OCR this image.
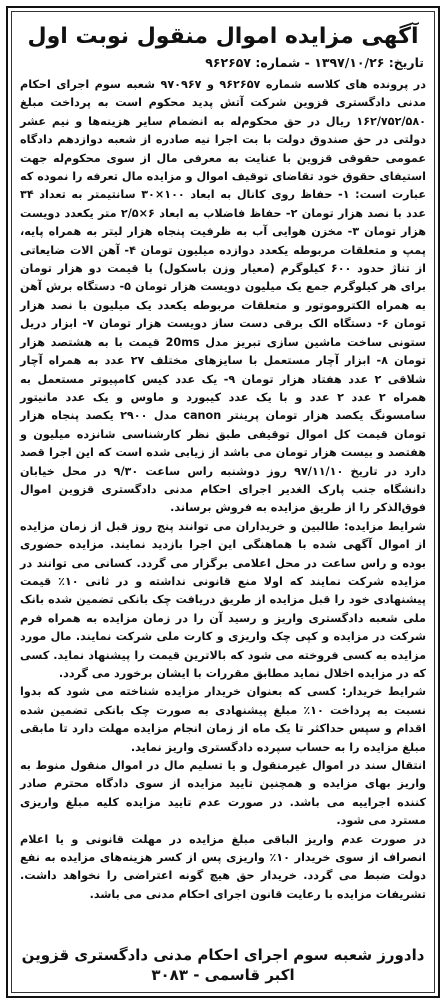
آگهی مزایده اموال منقول نوبت اول
تاریخ: ۱۳۹۷/۱۰/۲۶ - شماره: ۹۶۲۶۵۷

در پرونده های کلاسه شماره ۹۶۲۶۵۷ و ۹۷۰۹۶۷ شعبه سوم اجرای احکام مدنی دادگستری قزوین شرکت آتش پدید محکوم است به پرداخت مبلغ ۱۶۲/۷۵۲/۵۸۰ ریال در حق محکوم‌له به انضمام سایر هزینه‌ها و نیم عشر دولتی در حق صندوق دولت با بت اجرا نیه صادره از شعبه دوازدهم دادگاه عمومی حقوقی قزوین با عنایت به معرفی مال از سوی محکوم‌له جهت استیفای حقوق خود تقاضای توقیف اموال و مزایده مال تعرفه را نموده که عبارت است: ۱- حفاظ روی کانال به ابعاد ۱۰۰×۳۰ سانتیمتر به تعداد ۳۴ عدد با نصد هزار تومان ۲- حفاظ فاضلاب به ابعاد ۶×۲/۵ متر یکعدد دویست هزار تومان ۳- مخزن هوایی آب به ظرفیت پنجاه هزار لیتر به همراه پایه، پمپ و متعلقات مربوطه یکعدد دوازده میلیون تومان ۴- آهن الات ضایعاتی از تناژ حدود ۶۰۰ کیلوگرم (معیار وزن باسکول) با قیمت دو هزار تومان برای هر کیلوگرم جمع یک میلیون دویست هزار تومان ۵- دستگاه برش آهن به همراه الکتروموتور و متعلقات مربوطه یکعدد یک میلیون با نصد هزار تومان ۶- دستگاه الک برقی دست ساز دویست هزار تومان ۷- ابزار دریل ستونی ساخت ماشین سازی تبریز مدل 20ms قیمت با به هشتصد هزار تومان ۸- ابزار آچار مستعمل با سایزهای مختلف ۲۷ عدد به همراه آچار شلاقی ۲ عدد هفتاد هزار تومان ۹- یک عدد کیس کامپیوتر مستعمل به همراه ۲ عدد ۲ عدد و با یک عدد کیبورد و ماوس و یک عدد مانیتور سامسونگ یکصد هزار تومان پرینتر canon مدل ۲۹۰۰ یکصد پنجاه هزار تومان قیمت کل اموال توقیفی طبق نظر کارشناسی شانزده میلیون و هفتصد و بیست هزار تومان می باشد از زیابی شده است که این اجرا قصد دارد در تاریخ ۹۷/۱۱/۱۰ روز دوشنبه راس ساعت ۹/۳۰ در محل خیابان دانشگاه جنب پارک الغدیر اجرای احکام مدنی دادگستری قزوین اموال فوق‌الذکر را از طریق مزایده به فروش برساند.

شرایط مزایده: طالبین و خریداران می توانند پنج روز قبل از زمان مزایده از اموال آگهی شده با هماهنگی این اجرا بازدید نمایند. مزایده حضوری بوده و راس ساعت در محل اعلامی برگزار می گردد. کسانی می توانند در مزایده شرکت نمایند که اولا منع قانونی نداشته و در ثانی ۱۰٪ قیمت پیشنهادی خود را قبل مزایده از طریق دریافت چک بانکی تضمین شده بانک ملی شعبه دادگستری واریز و رسید آن را در زمان مزایده به همراه فرم شرکت در مزایده و کپی چک واریزی و کارت ملی شرکت نمایند. مال مورد مزایده به کسی فروخته می شود که بالاترین قیمت را پیشنهاد نماید. کسی که در مزایده اخلال نماید مطابق مقررات با ایشان برخورد می گردد.

شرایط خریدار: کسی که بعنوان خریدار مزایده شناخته می شود که بدوا نسبت به پرداخت ۱۰٪ مبلغ پیشنهادی به صورت چک بانکی تضمین شده اقدام و سپس حداکثر تا یک ماه از زمان انجام مزایده مهلت دارد تا مابقی مبلغ مزایده را به حساب سپرده دادگستری واریز نماید.

انتقال سند در اموال غیرمنقول و یا تسلیم مال در اموال منقول منوط به واریز بهای مزایده و همچنین تایید مزایده از سوی دادگاه محترم صادر کننده اجراییه می باشد. در صورت عدم تایید مزایده کلیه مبلغ واریزی مسترد می شود.

در صورت عدم واریز الباقی مبلغ مزایده در مهلت قانونی و یا اعلام انصراف از سوی خریدار ۱۰٪ واریزی پس از کسر هزینه‌های مزایده به نفع دولت ضبط می گردد. خریدار حق هیچ گونه اعتراضی را نخواهد داشت. تشریفات مزایده با رعایت قانون اجرای احکام مدنی می باشد.

دادورز شعبه سوم اجرای احکام مدنی دادگستری قزوین
اکبر قاسمی - ۳۰۸۳
